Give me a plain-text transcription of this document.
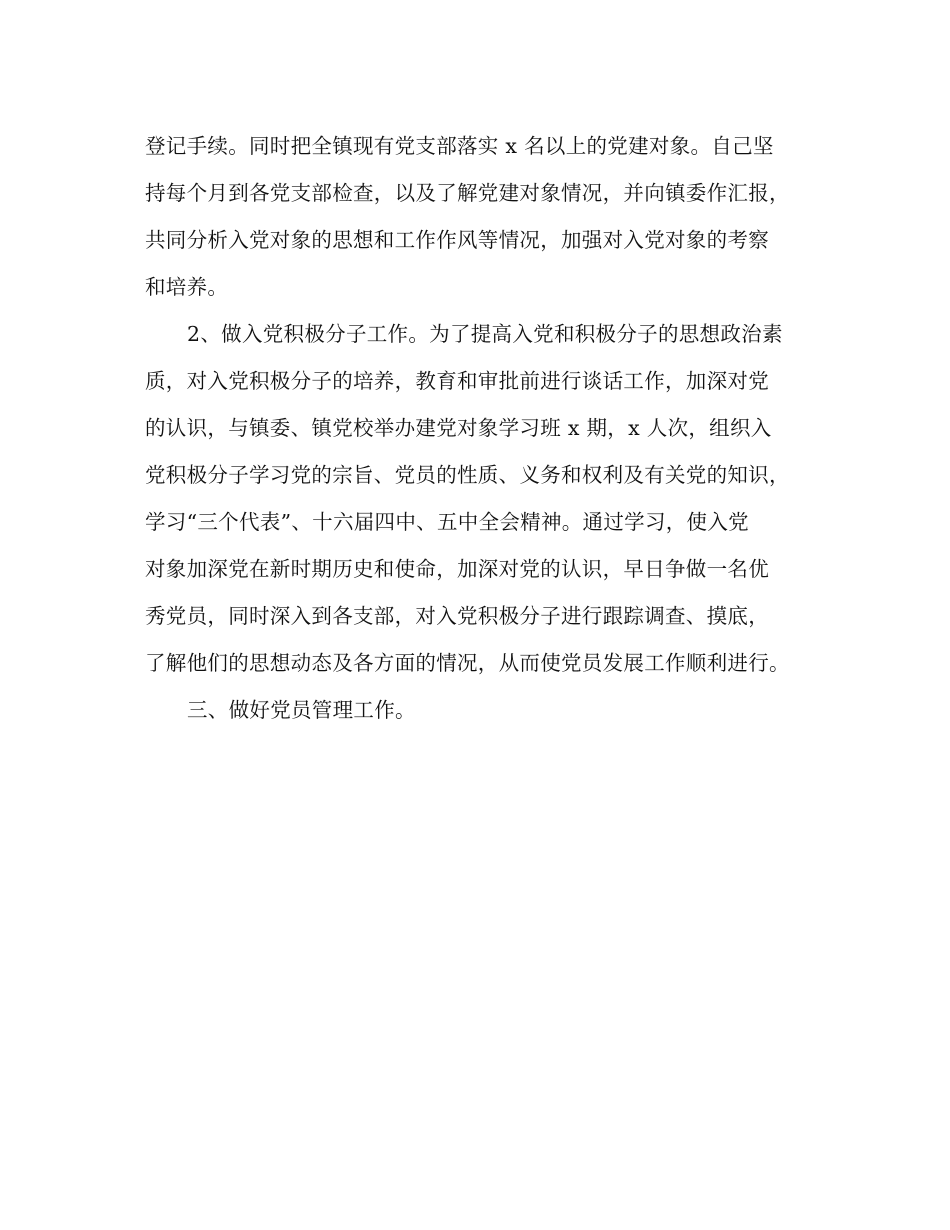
登记手续。同时把全镇现有党支部落实 x 名以上的党建对象。自己坚
持每个月到各党支部检查，以及了解党建对象情况，并向镇委作汇报，
共同分析入党对象的思想和工作作风等情况，加强对入党对象的考察
和培养。
2、做入党积极分子工作。为了提高入党和积极分子的思想政治素
质，对入党积极分子的培养，教育和审批前进行谈话工作，加深对党
的认识，与镇委、镇党校举办建党对象学习班 x 期，x 人次，组织入
党积极分子学习党的宗旨、党员的性质、义务和权利及有关党的知识，
学习“三个代表”、十六届四中、五中全会精神。通过学习，使入党
对象加深党在新时期历史和使命，加深对党的认识，早日争做一名优
秀党员，同时深入到各支部，对入党积极分子进行跟踪调查、摸底，
了解他们的思想动态及各方面的情况，从而使党员发展工作顺利进行。
三、做好党员管理工作。
